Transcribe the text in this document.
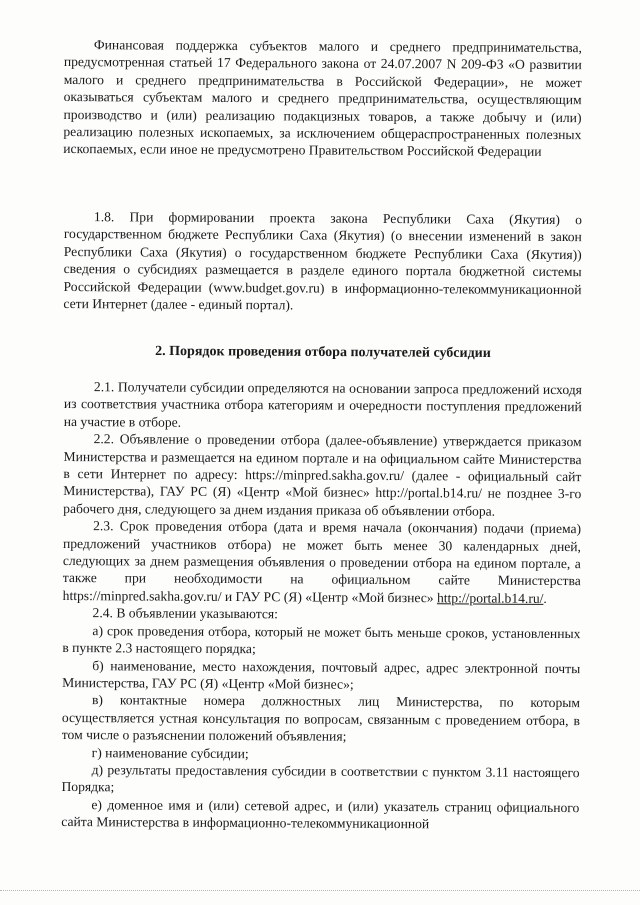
Финансовая поддержка субъектов малого и среднего предпринимательства, предусмотренная статьей 17 Федерального закона от 24.07.2007 N 209-ФЗ «О развитии малого и среднего предпринимательства в Российской Федерации», не может оказываться субъектам малого и среднего предпринимательства, осуществляющим производство и (или) реализацию подакцизных товаров, а также добычу и (или) реализацию полезных ископаемых, за исключением общераспространенных полезных ископаемых, если иное не предусмотрено Правительством Российской Федерации

1.8. При формировании проекта закона Республики Саха (Якутия) о государственном бюджете Республики Саха (Якутия) (о внесении изменений в закон Республики Саха (Якутия) о государственном бюджете Республики Саха (Якутия)) сведения о субсидиях размещается в разделе единого портала бюджетной системы Российской Федерации (www.budget.gov.ru) в информационно-телекоммуникационной сети Интернет (далее - единый портал).

2. Порядок проведения отбора получателей субсидии

2.1. Получатели субсидии определяются на основании запроса предложений исходя из соответствия участника отбора категориям и очередности поступления предложений на участие в отборе.

2.2. Объявление о проведении отбора (далее-объявление) утверждается приказом Министерства и размещается на едином портале и на официальном сайте Министерства в сети Интернет по адресу: https://minpred.sakha.gov.ru/ (далее - официальный сайт Министерства), ГАУ РС (Я) «Центр «Мой бизнес» http://portal.b14.ru/ не позднее 3-го рабочего дня, следующего за днем издания приказа об объявлении отбора.

2.3. Срок проведения отбора (дата и время начала (окончания) подачи (приема) предложений участников отбора) не может быть менее 30 календарных дней, следующих за днем размещения объявления о проведении отбора на едином портале, а также при необходимости на официальном сайте Министерства https://minpred.sakha.gov.ru/ и ГАУ РС (Я) «Центр «Мой бизнес» http://portal.b14.ru/.

2.4. В объявлении указываются:

а) срок проведения отбора, который не может быть меньше сроков, установленных в пункте 2.3 настоящего порядка;

б) наименование, место нахождения, почтовый адрес, адрес электронной почты Министерства, ГАУ РС (Я) «Центр «Мой бизнес»;

в) контактные номера должностных лиц Министерства, по которым осуществляется устная консультация по вопросам, связанным с проведением отбора, в том числе о разъяснении положений объявления;

г) наименование субсидии;

д) результаты предоставления субсидии в соответствии с пунктом 3.11 настоящего Порядка;

е) доменное имя и (или) сетевой адрес, и (или) указатель страниц официального сайта Министерства в информационно-телекоммуникационной
